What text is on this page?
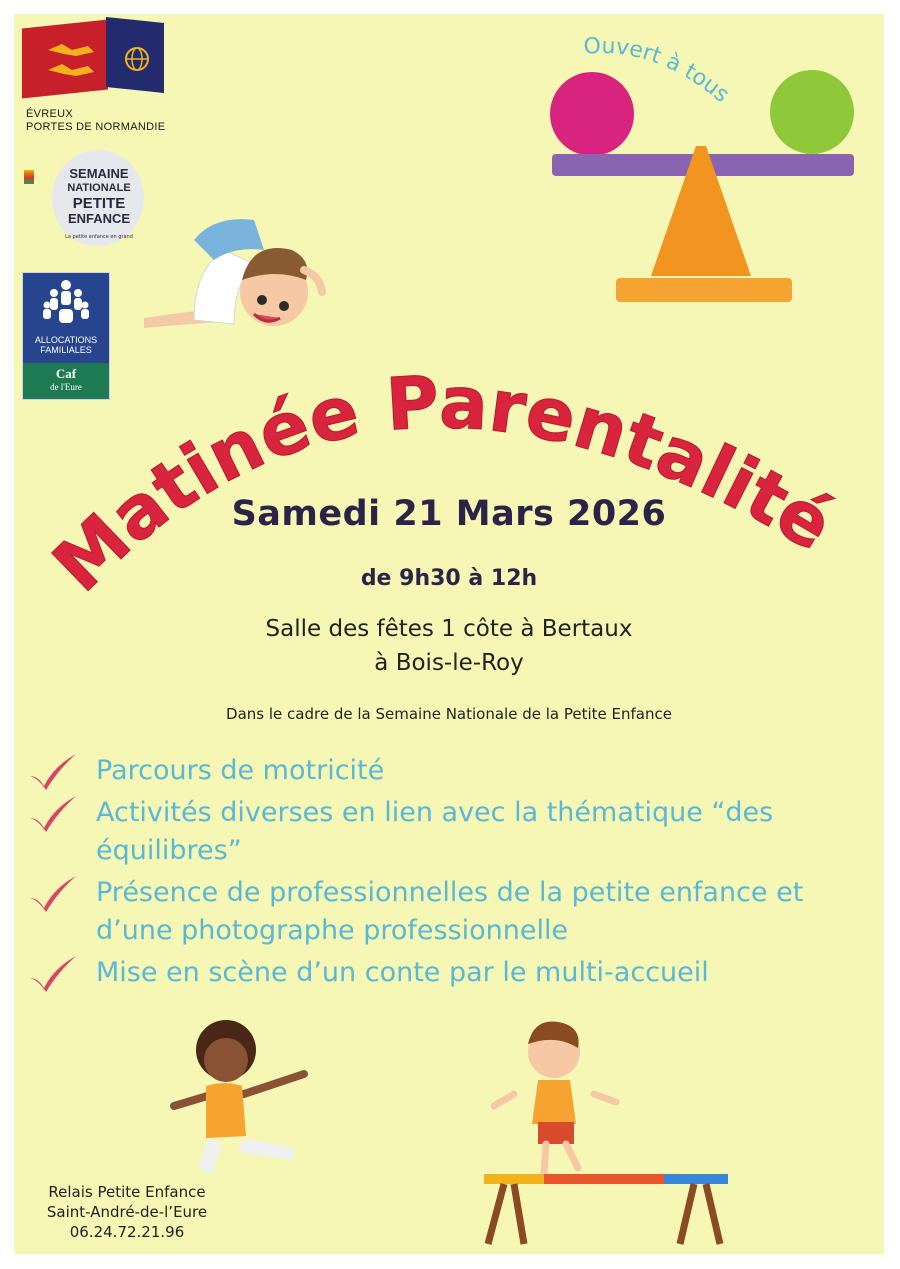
ÉVREUX
PORTES DE NORMANDIE
SEMAINE
NATIONALE
PETITE
ENFANCE
La petite enfance en grand
ALLOCATIONS
FAMILIALES
Caf
de l'Eure
Ouvert à tous
Matinée Parentalité
Samedi 21 Mars 2026
de 9h30 à 12h
Salle des fêtes 1 côte à Bertaux
à Bois-le-Roy
Dans le cadre de la Semaine Nationale de la Petite Enfance
Parcours de motricité
Activités diverses en lien avec la thématique “des
équilibres”
Présence de professionnelles de la petite enfance et
d’une photographe professionnelle
Mise en scène d’un conte par le multi-accueil
Relais Petite Enfance
Saint-André-de-l’Eure
06.24.72.21.96
